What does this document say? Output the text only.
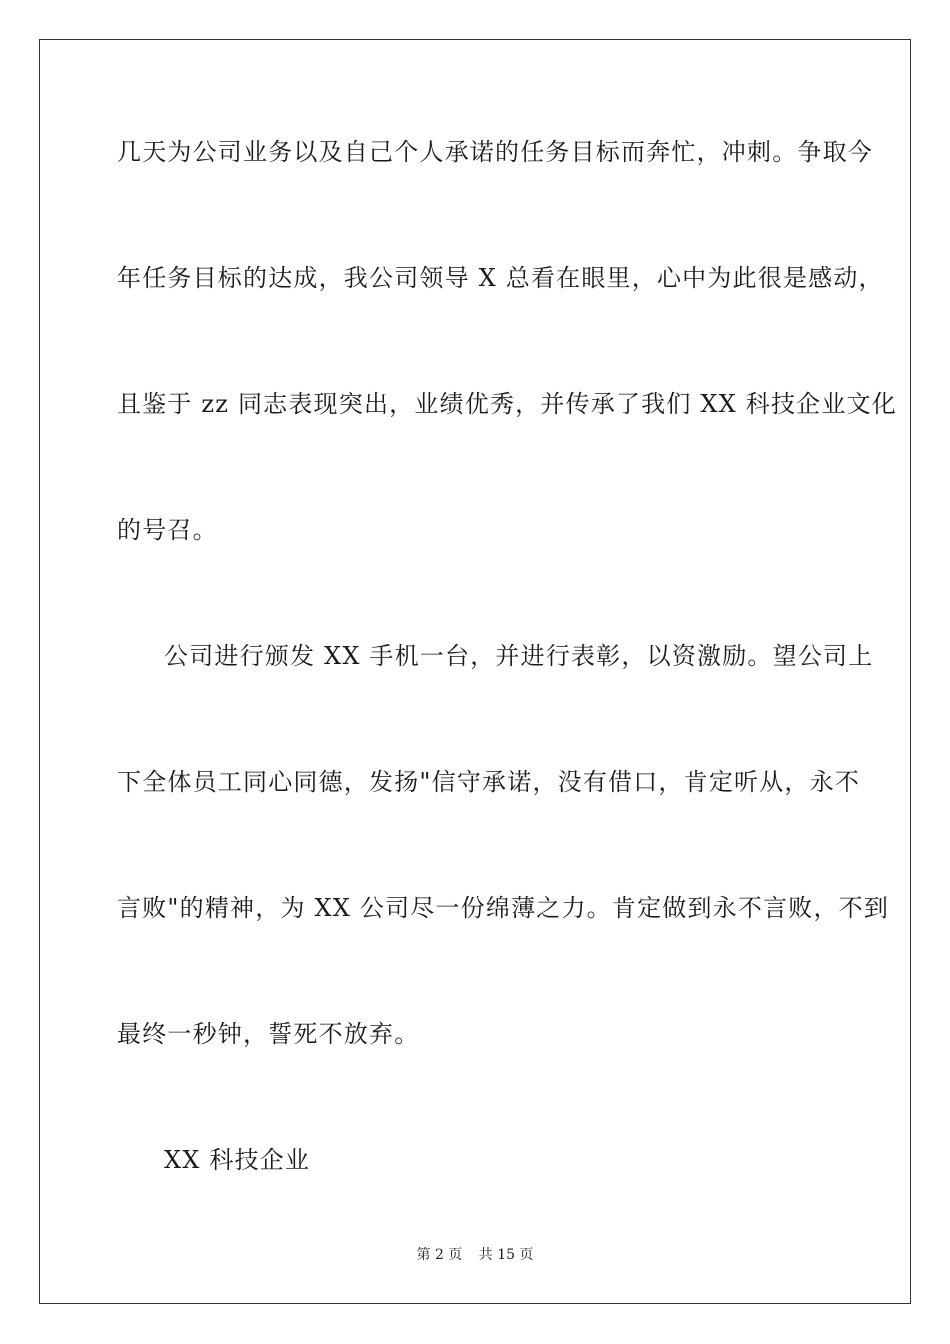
几天为公司业务以及自己个人承诺的任务目标而奔忙，冲刺。争取今
年任务目标的达成，我公司领导 X 总看在眼里，心中为此很是感动，
且鉴于 zz 同志表现突出，业绩优秀，并传承了我们 XX 科技企业文化
的号召。
公司进行颁发 XX 手机一台，并进行表彰，以资激励。望公司上
下全体员工同心同德，发扬"信守承诺，没有借口，肯定听从，永不
言败"的精神，为 XX 公司尽一份绵薄之力。肯定做到永不言败，不到
最终一秒钟，誓死不放弃。
XX 科技企业
第 2 页 共 15 页
